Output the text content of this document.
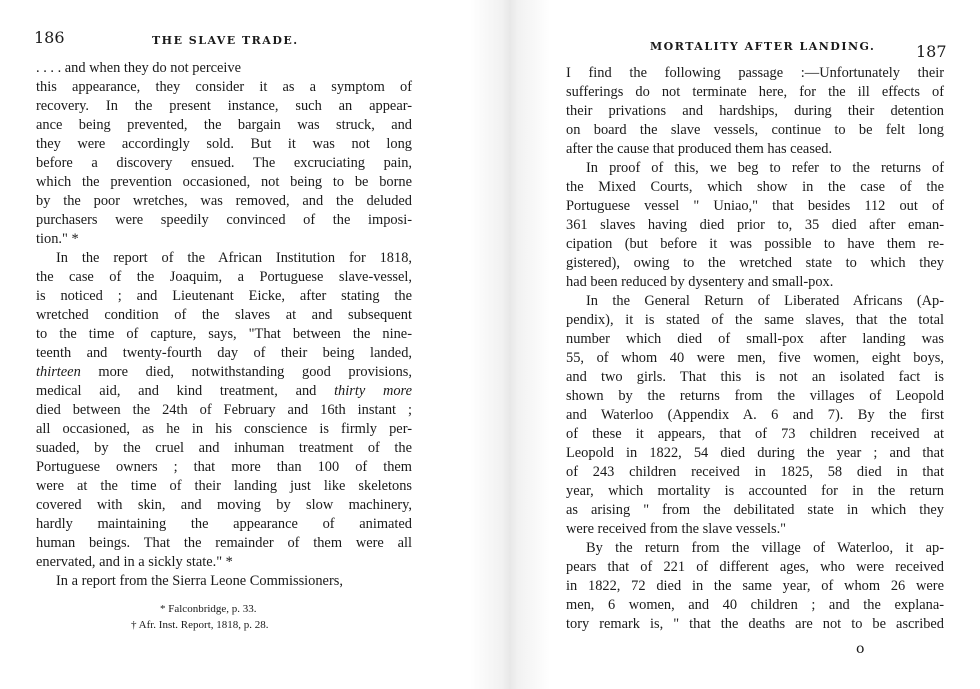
186	THE SLAVE TRADE.
. . . . and when they do not perceive
this appearance, they consider it as a symptom of
recovery. In the present instance, such an appear-
ance being prevented, the bargain was struck, and
they were accordingly sold. But it was not long
before a discovery ensued. The excruciating pain,
which the prevention occasioned, not being to be borne
by the poor wretches, was removed, and the deluded
purchasers were speedily convinced of the imposi-
tion." *
In the report of the African Institution for 1818,
the case of the Joaquim, a Portuguese slave-vessel,
is noticed ; and Lieutenant Eicke, after stating the
wretched condition of the slaves at and subsequent
to the time of capture, says, "That between the nine-
teenth and twenty-fourth day of their being landed,
thirteen more died, notwithstanding good provisions,
medical aid, and kind treatment, and thirty more
died between the 24th of February and 16th instant ;
all occasioned, as he in his conscience is firmly per-
suaded, by the cruel and inhuman treatment of the
Portuguese owners ; that more than 100 of them
were at the time of their landing just like skeletons
covered with skin, and moving by slow machinery,
hardly maintaining the appearance of animated
human beings. That the remainder of them were all
enervated, and in a sickly state." *
In a report from the Sierra Leone Commissioners,
* Falconbridge, p. 33.
† Afr. Inst. Report, 1818, p. 28.
MORTALITY AFTER LANDING.	187
I find the following passage :—Unfortunately their
sufferings do not terminate here, for the ill effects of
their privations and hardships, during their detention
on board the slave vessels, continue to be felt long
after the cause that produced them has ceased.
In proof of this, we beg to refer to the returns of
the Mixed Courts, which show in the case of the
Portuguese vessel " Uniao," that besides 112 out of
361 slaves having died prior to, 35 died after eman-
cipation (but before it was possible to have them re-
gistered), owing to the wretched state to which they
had been reduced by dysentery and small-pox.
In the General Return of Liberated Africans (Ap-
pendix), it is stated of the same slaves, that the total
number which died of small-pox after landing was
55, of whom 40 were men, five women, eight boys,
and two girls. That this is not an isolated fact is
shown by the returns from the villages of Leopold
and Waterloo (Appendix A. 6 and 7). By the first
of these it appears, that of 73 children received at
Leopold in 1822, 54 died during the year ; and that
of 243 children received in 1825, 58 died in that
year, which mortality is accounted for in the return
as arising " from the debilitated state in which they
were received from the slave vessels."
By the return from the village of Waterloo, it ap-
pears that of 221 of different ages, who were received
in 1822, 72 died in the same year, of whom 26 were
men, 6 women, and 40 children ; and the explana-
tory remark is, " that the deaths are not to be ascribed
o
